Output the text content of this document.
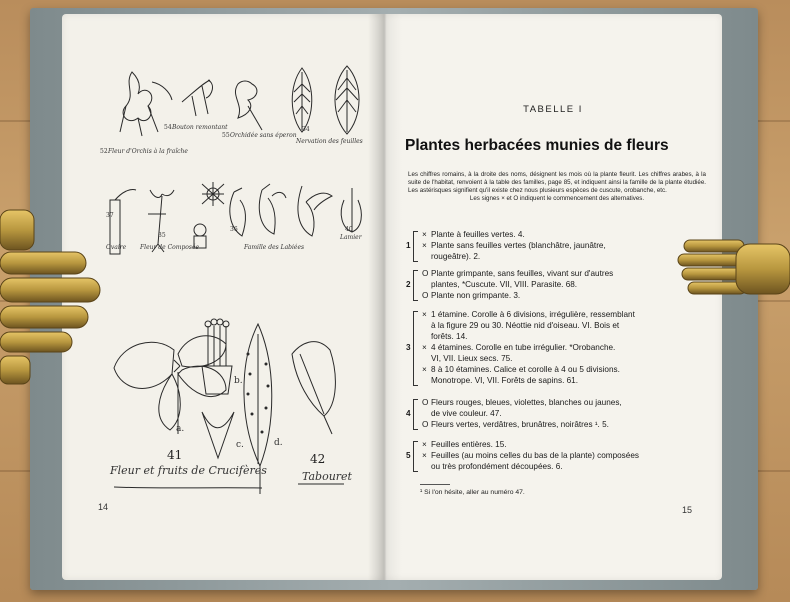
Fleur d'Orchis à la fraîche
52
Bouton remontant
54
Orchidée sans éperon
55
Nervation des feuilles
34
Ovaire
37
Fleur de Composée
35
Famille des Labiées
36
Lamier
40
41
Fleur et fruits de Crucifères
42
Tabouret
a.
b.
c.	d.
14
TABELLE I
Plantes herbacées munies de fleurs
Les chiffres romains, à la droite des noms, désignent les mois où la plante fleurit. Les chiffres arabes, à la suite de l'habitat, renvoient à la table des familles, page 85, et indiquent ainsi la famille de la plante étudiée. Les astérisques signifient qu'il existe chez nous plusieurs espèces de cuscute, orobanche, etc.
Les signes × et O indiquent le commencement des alternatives.
1
× Plante à feuilles vertes. 4.
× Plante sans feuilles vertes (blanchâtre, jaunâtre,
rougeâtre). 2.
2
O Plante grimpante, sans feuilles, vivant sur d'autres
plantes, *Cuscute. VII, VIII. Parasite. 68.
O Plante non grimpante. 3.
3
× 1 étamine. Corolle à 6 divisions, irrégulière, ressemblant
à la figure 29 ou 30. Néottie nid d'oiseau. VI. Bois et
forêts. 14.
× 4 étamines. Corolle en tube irrégulier. *Orobanche.
VI, VII. Lieux secs. 75.
× 8 à 10 étamines. Calice et corolle à 4 ou 5 divisions.
Monotrope. VI, VII. Forêts de sapins. 61.
4
O Fleurs rouges, bleues, violettes, blanches ou jaunes,
de vive couleur. 47.
O Fleurs vertes, verdâtres, brunâtres, noirâtres ¹. 5.
5
× Feuilles entières. 15.
× Feuilles (au moins celles du bas de la plante) composées
ou très profondément découpées. 6.
¹ Si l'on hésite, aller au numéro 47.
15
